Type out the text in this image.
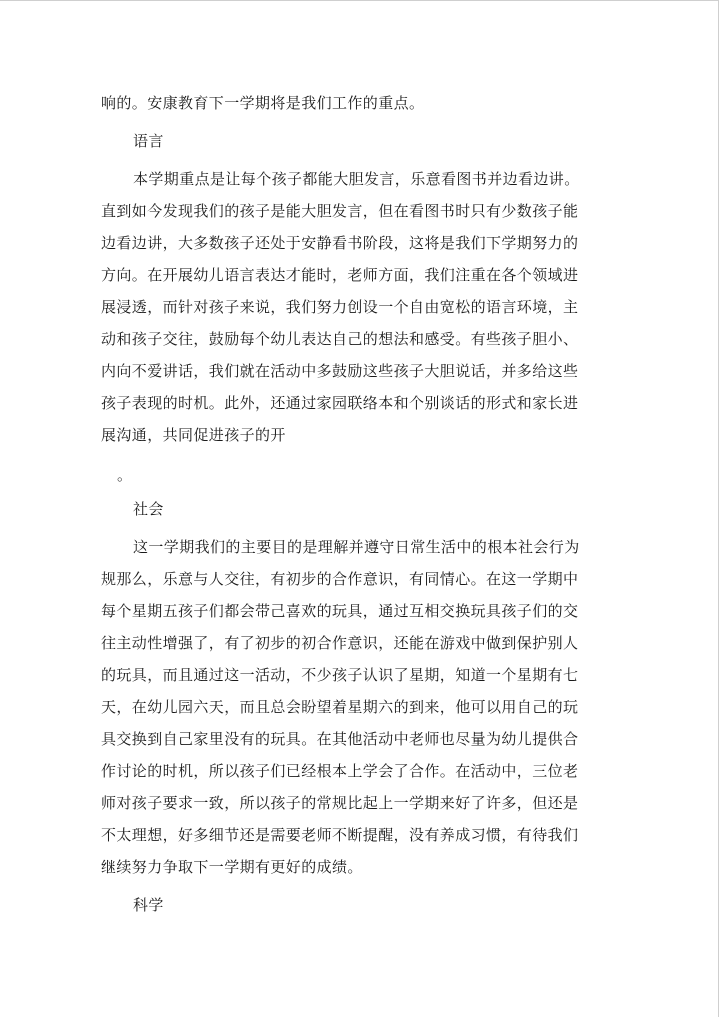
响的。安康教育下一学期将是我们工作的重点。

语言

本学期重点是让每个孩子都能大胆发言，乐意看图书并边看边讲。

直到如今发现我们的孩子是能大胆发言，但在看图书时只有少数孩子能

边看边讲，大多数孩子还处于安静看书阶段，这将是我们下学期努力的

方向。在开展幼儿语言表达才能时，老师方面，我们注重在各个领域进

展浸透，而针对孩子来说，我们努力创设一个自由宽松的语言环境，主

动和孩子交往，鼓励每个幼儿表达自己的想法和感受。有些孩子胆小、

内向不爱讲话，我们就在活动中多鼓励这些孩子大胆说话，并多给这些

孩子表现的时机。此外，还通过家园联络本和个别谈话的形式和家长进

展沟通，共同促进孩子的开

。

社会

这一学期我们的主要目的是理解并遵守日常生活中的根本社会行为

规那么，乐意与人交往，有初步的合作意识，有同情心。在这一学期中

每个星期五孩子们都会带己喜欢的玩具，通过互相交换玩具孩子们的交

往主动性增强了，有了初步的初合作意识，还能在游戏中做到保护别人

的玩具，而且通过这一活动，不少孩子认识了星期，知道一个星期有七

天，在幼儿园六天，而且总会盼望着星期六的到来，他可以用自己的玩

具交换到自己家里没有的玩具。在其他活动中老师也尽量为幼儿提供合

作讨论的时机，所以孩子们已经根本上学会了合作。在活动中，三位老

师对孩子要求一致，所以孩子的常规比起上一学期来好了许多，但还是

不太理想，好多细节还是需要老师不断提醒，没有养成习惯，有待我们

继续努力争取下一学期有更好的成绩。

科学
